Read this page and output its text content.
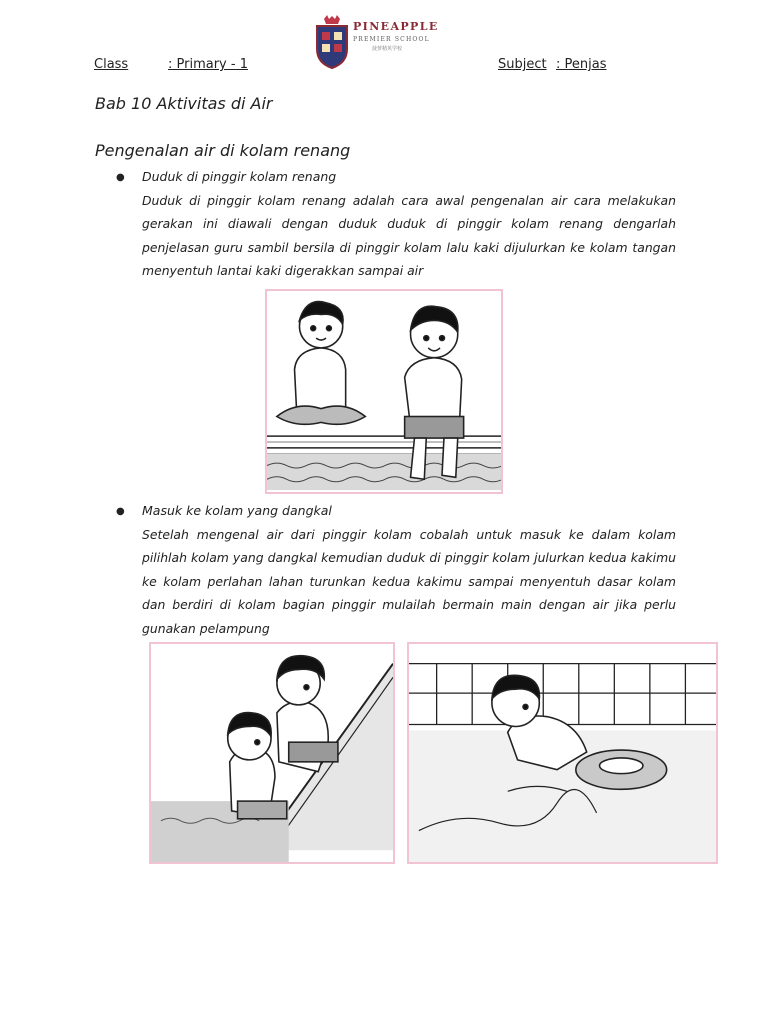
PINEAPPLE
PREMIER SCHOOL
菠萝精英学校
Class	: Primary - 1	Subject : Penjas
Bab 10 Aktivitas di Air
Pengenalan air di kolam renang
● Duduk di pinggir kolam renang

Duduk di pinggir kolam renang adalah cara awal pengenalan air cara melakukan gerakan ini diawali dengan duduk duduk di pinggir kolam renang dengarlah penjelasan guru sambil bersila di pinggir kolam lalu kaki dijulurkan ke kolam tangan menyentuh lantai kaki digerakkan sampai air

● Masuk ke kolam yang dangkal

Setelah mengenal air dari pinggir kolam cobalah untuk masuk ke dalam kolam pilihlah kolam yang dangkal kemudian duduk di pinggir kolam julurkan kedua kakimu ke kolam perlahan lahan turunkan kedua kakimu sampai menyentuh dasar kolam dan berdiri di kolam bagian pinggir mulailah bermain main dengan air jika perlu gunakan pelampung
